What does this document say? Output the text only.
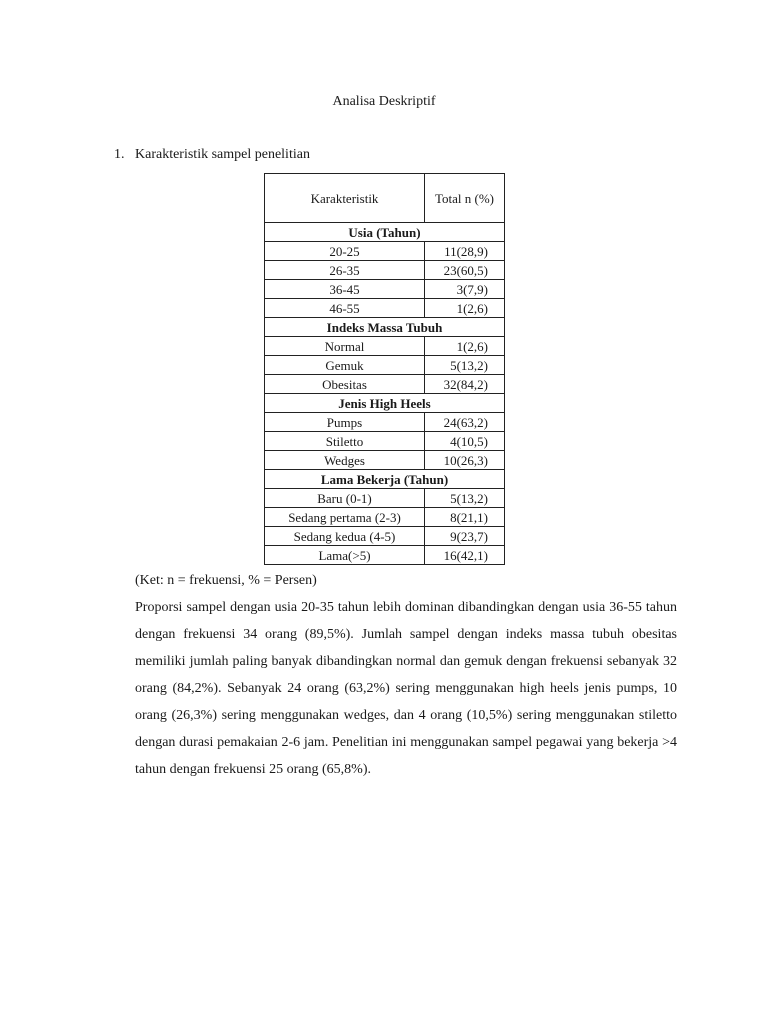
Analisa Deskriptif
1. Karakteristik sampel penelitian
Karakteristik	Total n (%)
Usia (Tahun)	
20-25	11(28,9)
26-35	23(60,5)
36-45	3(7,9)
46-55	1(2,6)
Indeks Massa Tubuh	
Normal	1(2,6)
Gemuk	5(13,2)
Obesitas	32(84,2)
Jenis High Heels	
Pumps	24(63,2)
Stiletto	4(10,5)
Wedges	10(26,3)
Lama Bekerja (Tahun)	
Baru (0-1)	5(13,2)
Sedang pertama (2-3)	8(21,1)
Sedang kedua (4-5)	9(23,7)
Lama(>5)	16(42,1)
(Ket: n = frekuensi, % = Persen)

Proporsi sampel dengan usia 20-35 tahun lebih dominan dibandingkan dengan usia 36-55 tahun dengan frekuensi 34 orang (89,5%). Jumlah sampel dengan indeks massa tubuh obesitas memiliki jumlah paling banyak dibandingkan normal dan gemuk dengan frekuensi sebanyak 32 orang (84,2%). Sebanyak 24 orang (63,2%) sering menggunakan high heels jenis pumps, 10 orang (26,3%) sering menggunakan wedges, dan 4 orang (10,5%) sering menggunakan stiletto dengan durasi pemakaian 2-6 jam. Penelitian ini menggunakan sampel pegawai yang bekerja >4 tahun dengan frekuensi 25 orang (65,8%).
